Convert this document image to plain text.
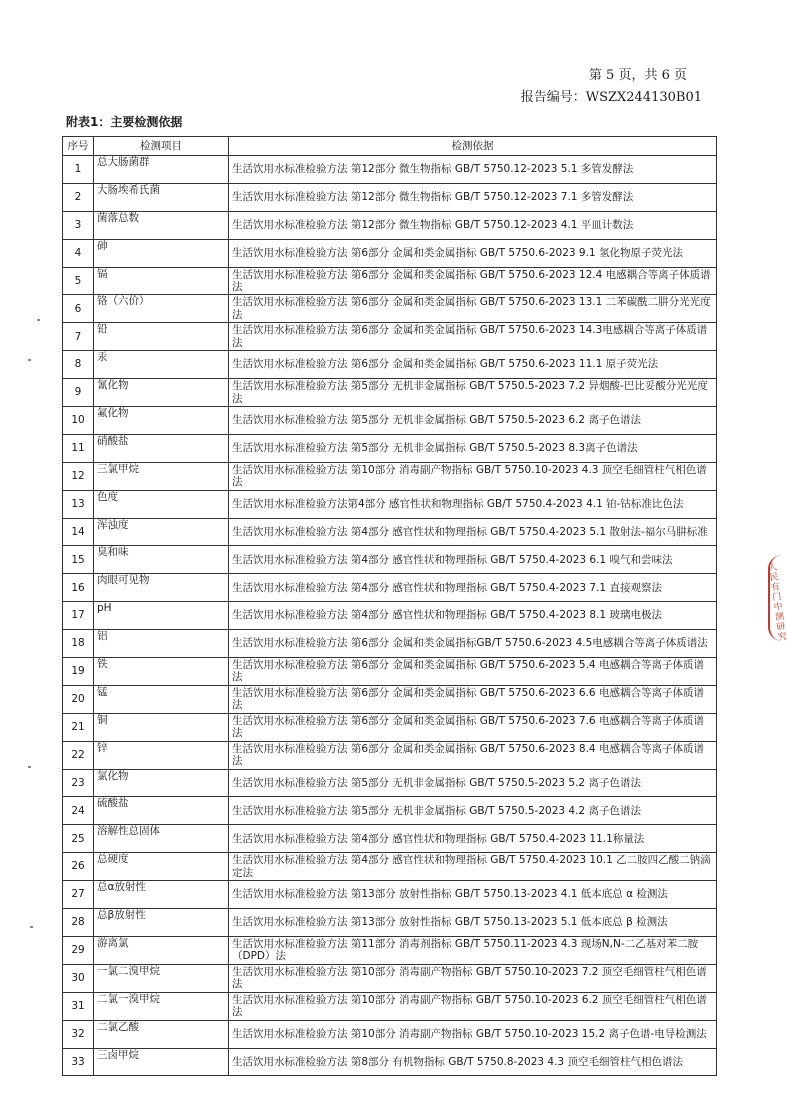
第 5 页，共 6 页
报告编号：WSZX244130B01
附表1：主要检测依据
序号	检测项目	检测依据
1	总大肠菌群	生活饮用水标准检验方法 第12部分 微生物指标 GB/T 5750.12-2023 5.1 多管发酵法
2	大肠埃希氏菌	生活饮用水标准检验方法 第12部分 微生物指标 GB/T 5750.12-2023 7.1 多管发酵法
3	菌落总数	生活饮用水标准检验方法 第12部分 微生物指标 GB/T 5750.12-2023 4.1 平皿计数法
4	砷	生活饮用水标准检验方法 第6部分 金属和类金属指标 GB/T 5750.6-2023 9.1 氢化物原子荧光法
5	镉	生活饮用水标准检验方法 第6部分 金属和类金属指标 GB/T 5750.6-2023 12.4 电感耦合等离子体质谱法
6	铬（六价）	生活饮用水标准检验方法 第6部分 金属和类金属指标 GB/T 5750.6-2023 13.1 二苯碳酰二肼分光光度法
7	铅	生活饮用水标准检验方法 第6部分 金属和类金属指标 GB/T 5750.6-2023 14.3电感耦合等离子体质谱法
8	汞	生活饮用水标准检验方法 第6部分 金属和类金属指标 GB/T 5750.6-2023 11.1 原子荧光法
9	氰化物	生活饮用水标准检验方法 第5部分 无机非金属指标 GB/T 5750.5-2023 7.2 异烟酸-巴比妥酸分光光度法
10	氟化物	生活饮用水标准检验方法 第5部分 无机非金属指标 GB/T 5750.5-2023 6.2 离子色谱法
11	硝酸盐	生活饮用水标准检验方法 第5部分 无机非金属指标 GB/T 5750.5-2023 8.3离子色谱法
12	三氯甲烷	生活饮用水标准检验方法 第10部分 消毒副产物指标 GB/T 5750.10-2023 4.3 顶空毛细管柱气相色谱法
13	色度	生活饮用水标准检验方法第4部分 感官性状和物理指标 GB/T 5750.4-2023 4.1 铂-钴标准比色法
14	浑浊度	生活饮用水标准检验方法 第4部分 感官性状和物理指标 GB/T 5750.4-2023 5.1 散射法-福尔马肼标准
15	臭和味	生活饮用水标准检验方法 第4部分 感官性状和物理指标 GB/T 5750.4-2023 6.1 嗅气和尝味法
16	肉眼可见物	生活饮用水标准检验方法 第4部分 感官性状和物理指标 GB/T 5750.4-2023 7.1 直接观察法
17	pH	生活饮用水标准检验方法 第4部分 感官性状和物理指标 GB/T 5750.4-2023 8.1 玻璃电极法
18	铝	生活饮用水标准检验方法 第6部分 金属和类金属指标GB/T 5750.6-2023 4.5电感耦合等离子体质谱法
19	铁	生活饮用水标准检验方法 第6部分 金属和类金属指标 GB/T 5750.6-2023 5.4 电感耦合等离子体质谱法
20	锰	生活饮用水标准检验方法 第6部分 金属和类金属指标 GB/T 5750.6-2023 6.6 电感耦合等离子体质谱法
21	铜	生活饮用水标准检验方法 第6部分 金属和类金属指标 GB/T 5750.6-2023 7.6 电感耦合等离子体质谱法
22	锌	生活饮用水标准检验方法 第6部分 金属和类金属指标 GB/T 5750.6-2023 8.4 电感耦合等离子体质谱法
23	氯化物	生活饮用水标准检验方法 第5部分 无机非金属指标 GB/T 5750.5-2023 5.2 离子色谱法
24	硫酸盐	生活饮用水标准检验方法 第5部分 无机非金属指标 GB/T 5750.5-2023 4.2 离子色谱法
25	溶解性总固体	生活饮用水标准检验方法 第4部分 感官性状和物理指标 GB/T 5750.4-2023 11.1称量法
26	总硬度	生活饮用水标准检验方法 第4部分 感官性状和物理指标 GB/T 5750.4-2023 10.1 乙二胺四乙酸二钠滴定法
27	总α放射性	生活饮用水标准检验方法 第13部分 放射性指标 GB/T 5750.13-2023 4.1 低本底总 α 检测法
28	总β放射性	生活饮用水标准检验方法 第13部分 放射性指标 GB/T 5750.13-2023 5.1 低本底总 β 检测法
29	游离氯	生活饮用水标准检验方法 第11部分 消毒剂指标 GB/T 5750.11-2023 4.3 现场N,N-二乙基对苯二胺（DPD）法
30	一氯二溴甲烷	生活饮用水标准检验方法 第10部分 消毒副产物指标 GB/T 5750.10-2023 7.2 顶空毛细管柱气相色谱法
31	二氯一溴甲烷	生活饮用水标准检验方法 第10部分 消毒副产物指标 GB/T 5750.10-2023 6.2 顶空毛细管柱气相色谱法
32	二氯乙酸	生活饮用水标准检验方法 第10部分 消毒副产物指标 GB/T 5750.10-2023 15.2 离子色谱-电导检测法
33	三卤甲烷	生活饮用水标准检验方法 第8部分 有机物指标 GB/T 5750.8-2023 4.3 顶空毛细管柱气相色谱法
人民有门中测研究
